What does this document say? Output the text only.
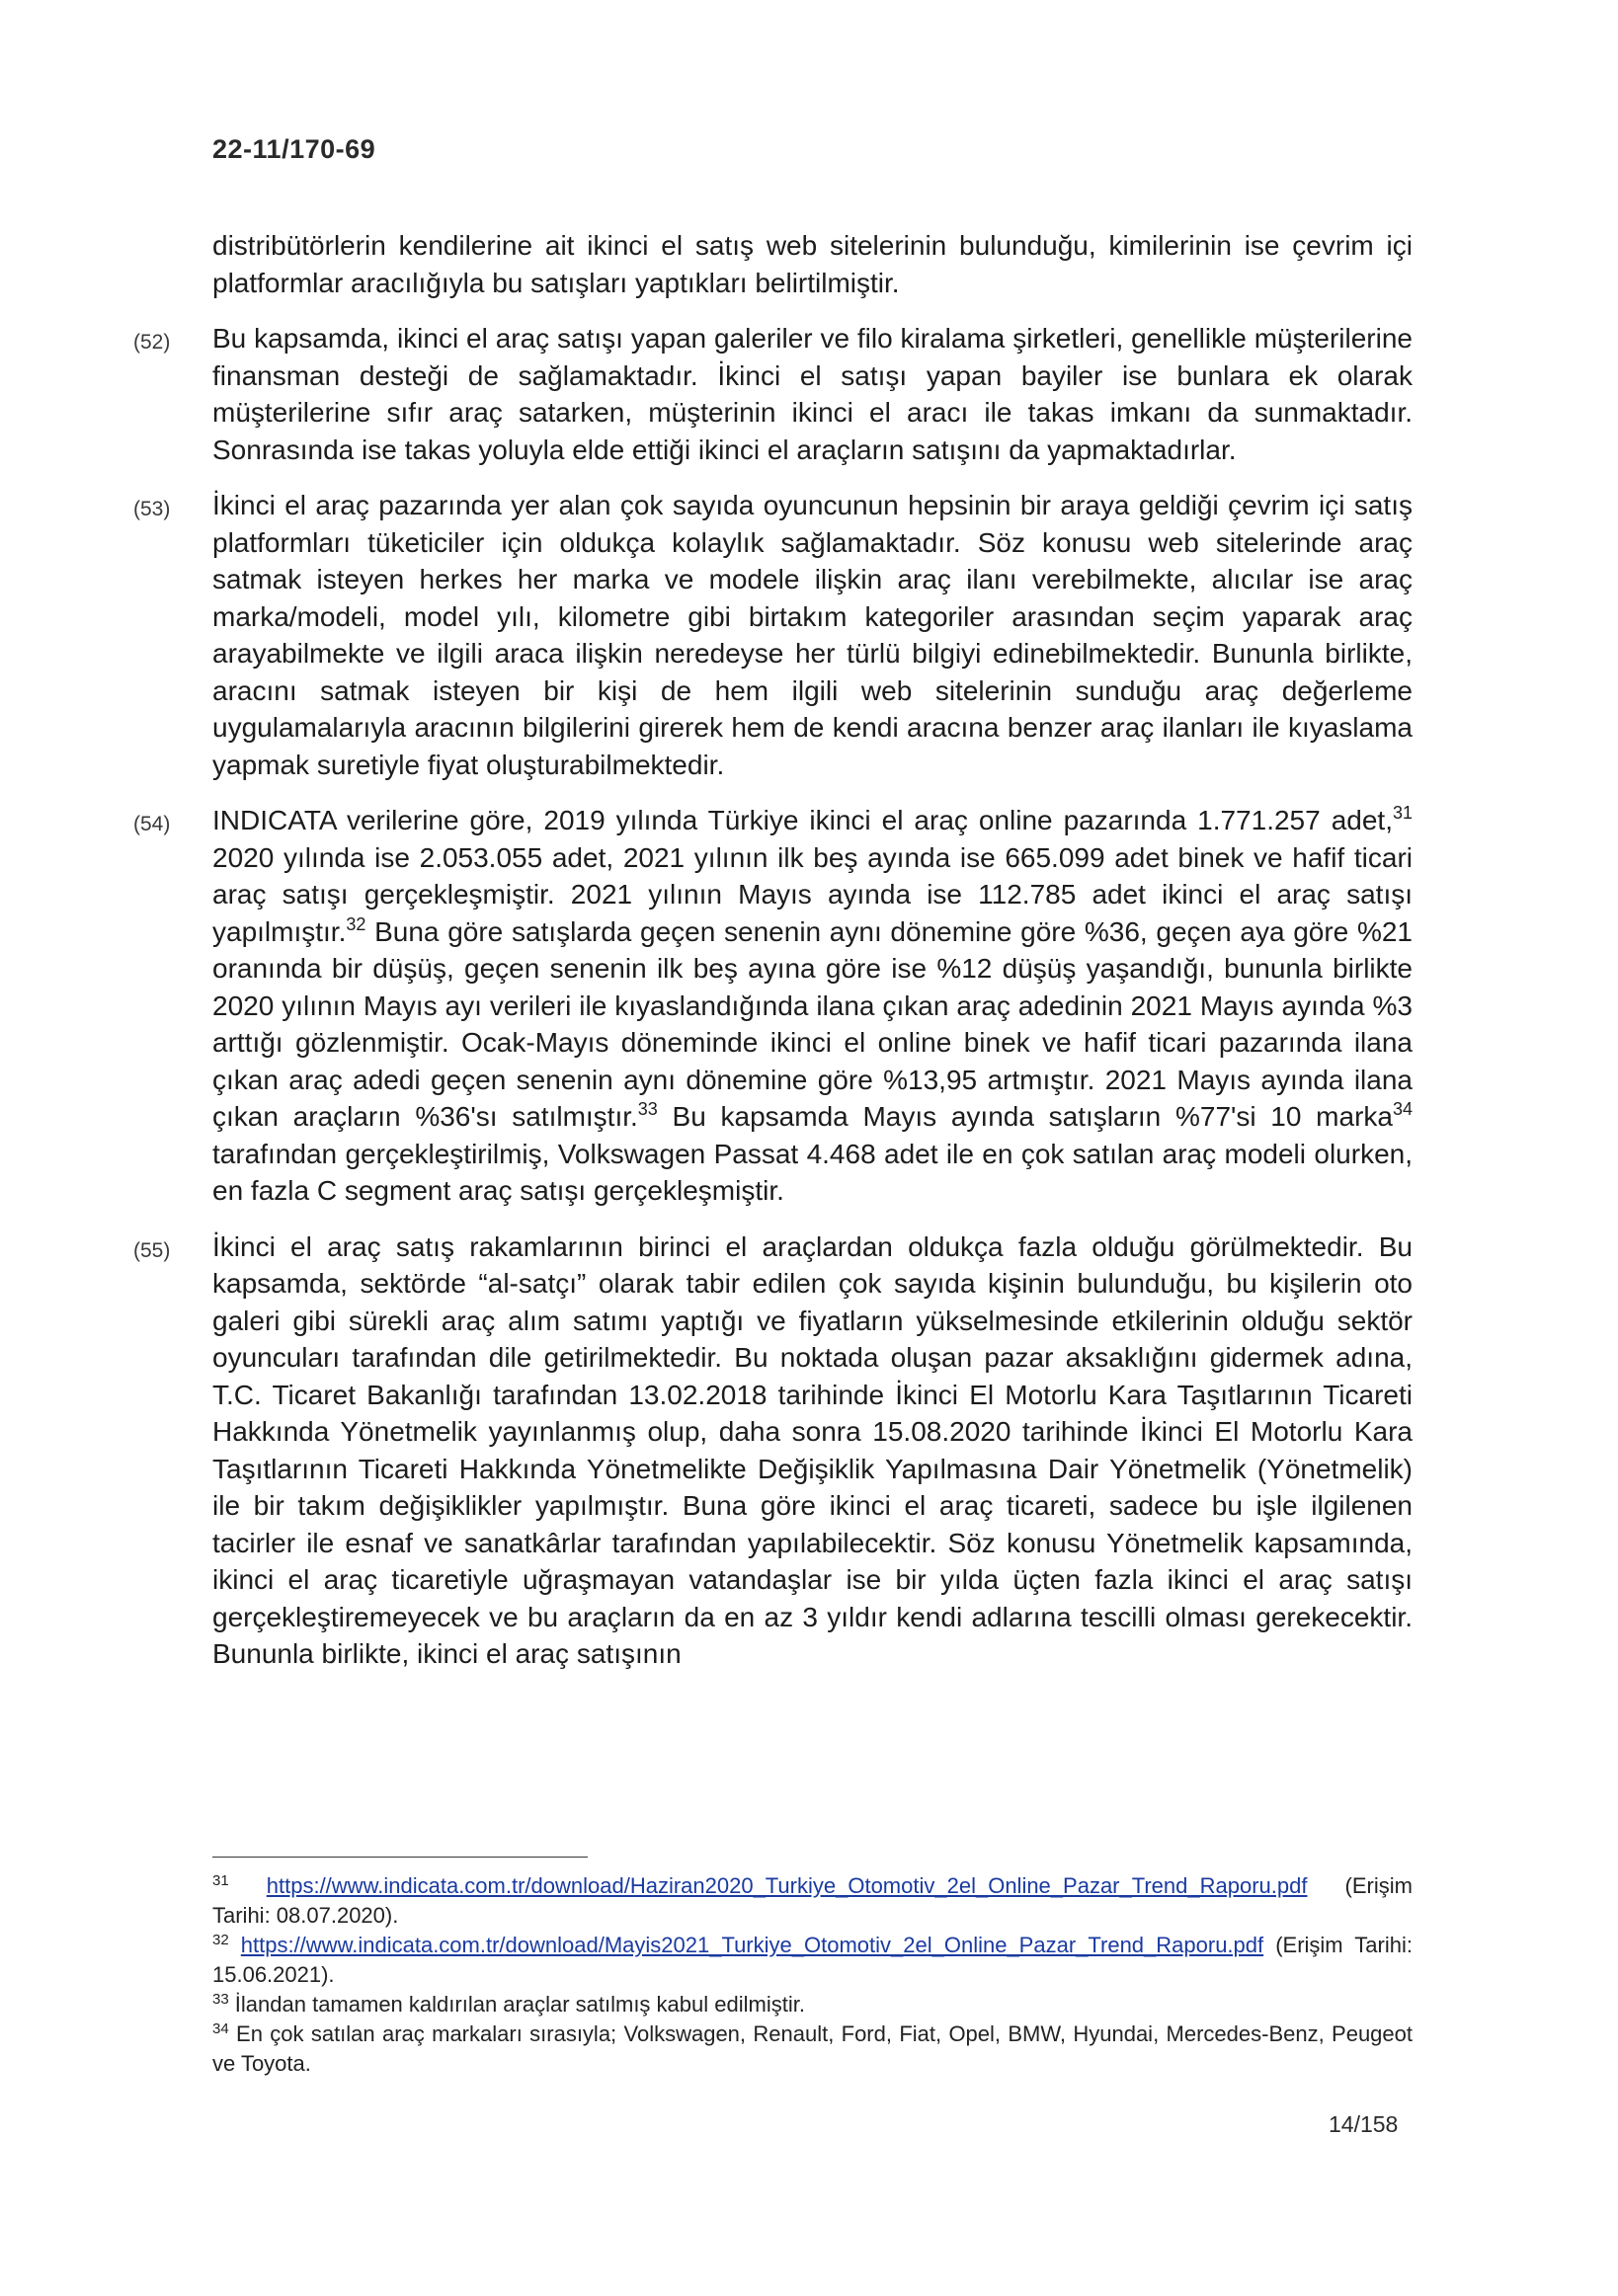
22-11/170-69

distribütörlerin kendilerine ait ikinci el satış web sitelerinin bulunduğu, kimilerinin ise çevrim içi platformlar aracılığıyla bu satışları yaptıkları belirtilmiştir.

(52) Bu kapsamda, ikinci el araç satışı yapan galeriler ve filo kiralama şirketleri, genellikle müşterilerine finansman desteği de sağlamaktadır. İkinci el satışı yapan bayiler ise bunlara ek olarak müşterilerine sıfır araç satarken, müşterinin ikinci el aracı ile takas imkanı da sunmaktadır. Sonrasında ise takas yoluyla elde ettiği ikinci el araçların satışını da yapmaktadırlar.
(53) İkinci el araç pazarında yer alan çok sayıda oyuncunun hepsinin bir araya geldiği çevrim içi satış platformları tüketiciler için oldukça kolaylık sağlamaktadır. Söz konusu web sitelerinde araç satmak isteyen herkes her marka ve modele ilişkin araç ilanı verebilmekte, alıcılar ise araç marka/modeli, model yılı, kilometre gibi birtakım kategoriler arasından seçim yaparak araç arayabilmekte ve ilgili araca ilişkin neredeyse her türlü bilgiyi edinebilmektedir. Bununla birlikte, aracını satmak isteyen bir kişi de hem ilgili web sitelerinin sunduğu araç değerleme uygulamalarıyla aracının bilgilerini girerek hem de kendi aracına benzer araç ilanları ile kıyaslama yapmak suretiyle fiyat oluşturabilmektedir.
(54) INDICATA verilerine göre, 2019 yılında Türkiye ikinci el araç online pazarında 1.771.257 adet,$^{31}$ 2020 yılında ise 2.053.055 adet, 2021 yılının ilk beş ayında ise 665.099 adet binek ve hafif ticari araç satışı gerçekleşmiştir. 2021 yılının Mayıs ayında ise 112.785 adet ikinci el araç satışı yapılmıştır.$^{32}$ Buna göre satışlarda geçen senenin aynı dönemine göre %36, geçen aya göre %21 oranında bir düşüş, geçen senenin ilk beş ayına göre ise %12 düşüş yaşandığı, bununla birlikte 2020 yılının Mayıs ayı verileri ile kıyaslandığında ilana çıkan araç adedinin 2021 Mayıs ayında %3 arttığı gözlenmiştir. Ocak-Mayıs döneminde ikinci el online binek ve hafif ticari pazarında ilana çıkan araç adedi geçen senenin aynı dönemine göre %13,95 artmıştır. 2021 Mayıs ayında ilana çıkan araçların %36'sı satılmıştır.$^{33}$ Bu kapsamda Mayıs ayında satışların %77'si 10 marka$^{34}$ tarafından gerçekleştirilmiş, Volkswagen Passat 4.468 adet ile en çok satılan araç modeli olurken, en fazla C segment araç satışı gerçekleşmiştir.
(55) İkinci el araç satış rakamlarının birinci el araçlardan oldukça fazla olduğu görülmektedir. Bu kapsamda, sektörde “al-satçı” olarak tabir edilen çok sayıda kişinin bulunduğu, bu kişilerin oto galeri gibi sürekli araç alım satımı yaptığı ve fiyatların yükselmesinde etkilerinin olduğu sektör oyuncuları tarafından dile getirilmektedir. Bu noktada oluşan pazar aksaklığını gidermek adına, T.C. Ticaret Bakanlığı tarafından 13.02.2018 tarihinde İkinci El Motorlu Kara Taşıtlarının Ticareti Hakkında Yönetmelik yayınlanmış olup, daha sonra 15.08.2020 tarihinde İkinci El Motorlu Kara Taşıtlarının Ticareti Hakkında Yönetmelikte Değişiklik Yapılmasına Dair Yönetmelik (Yönetmelik) ile bir takım değişiklikler yapılmıştır. Buna göre ikinci el araç ticareti, sadece bu işle ilgilenen tacirler ile esnaf ve sanatkârlar tarafından yapılabilecektir. Söz konusu Yönetmelik kapsamında, ikinci el araç ticaretiyle uğraşmayan vatandaşlar ise bir yılda üçten fazla ikinci el araç satışı gerçekleştiremeyecek ve bu araçların da en az 3 yıldır kendi adlarına tescilli olması gerekecektir. Bununla birlikte, ikinci el araç satışının

$^{31}$ https://www.indicata.com.tr/download/Haziran2020_Turkiye_Otomotiv_2el_Online_Pazar_Trend_Raporu.pdf (Erişim Tarihi: 08.07.2020).

$^{32}$ https://www.indicata.com.tr/download/Mayis2021_Turkiye_Otomotiv_2el_Online_Pazar_Trend_Raporu.pdf (Erişim Tarihi: 15.06.2021).

$^{33}$ İlandan tamamen kaldırılan araçlar satılmış kabul edilmiştir.

$^{34}$ En çok satılan araç markaları sırasıyla; Volkswagen, Renault, Ford, Fiat, Opel, BMW, Hyundai, Mercedes-Benz, Peugeot ve Toyota.

14/158
